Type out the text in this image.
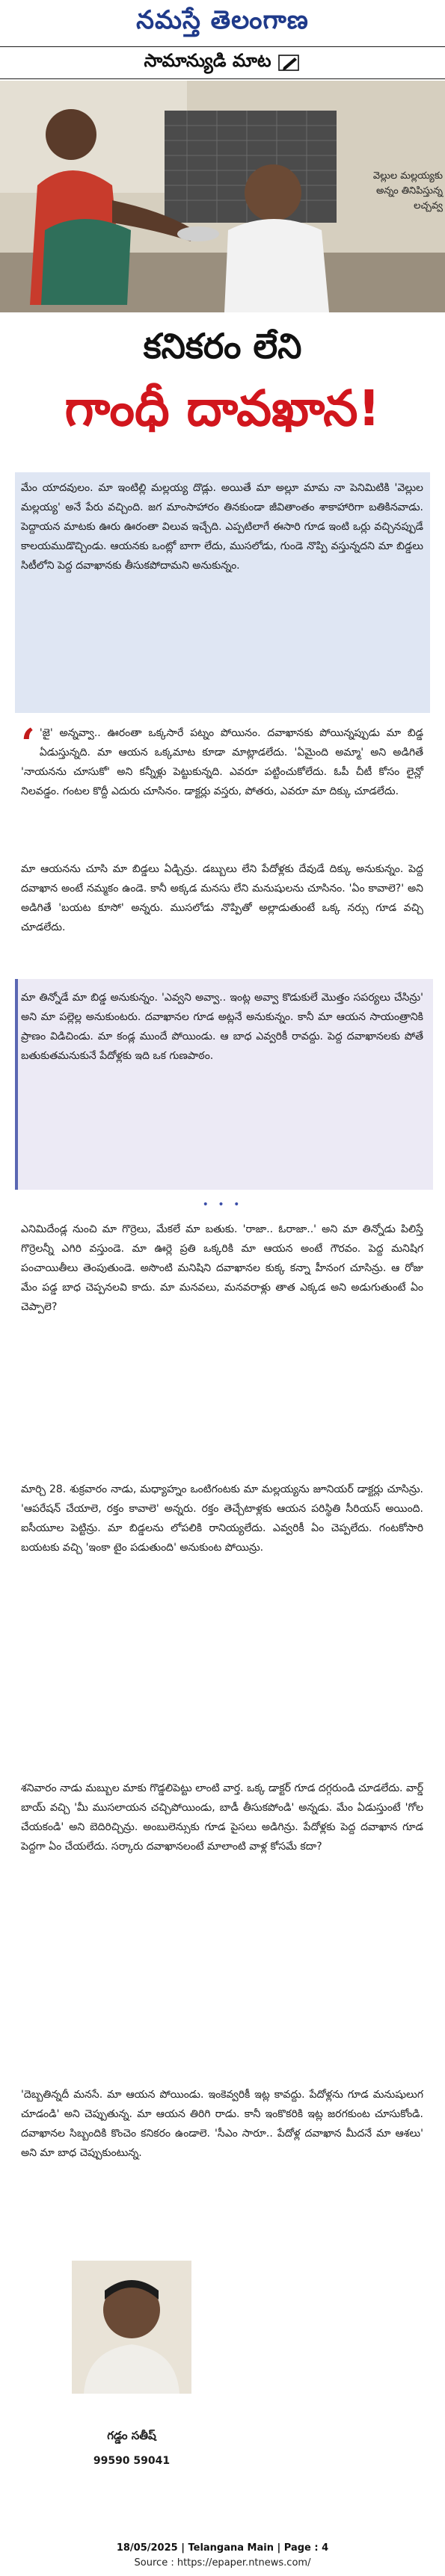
నమస్తే తెలంగాణ
సామాన్యుడి మాట
వెల్లుల మల్లయ్యకు
అన్నం తినిపిస్తున్న
లచ్చవ్వ
కనికరం లేని
గాంధీ దావఖాన!

మేం యాదవులం. మా ఇంటిల్లి మల్లయ్య దొడ్లు. అయితే మా అల్లూ మామ నా పెనిమిటికి 'వెల్లుల మల్లయ్య' అనే పేరు వచ్చింది. జగ మాంసాహారం తినకుండా జీవితాంతం శాకాహారిగా బతికినవాడు. పెద్దాయన మాటకు ఊరు ఊరంతా విలువ ఇచ్చేది. ఎప్పటిలాగే ఈసారి గూడ ఇంటి ఒర్లు వచ్చినప్పుడే కాలయముడొచ్చిండు. ఆయనకు ఒంట్లో బాగా లేదు, ముసలోడు, గుండె నొప్పి వస్తున్నదని మా బిడ్డలు సిటీలోని పెద్ద దవాఖానకు తీసుకపోదామని అనుకున్నం.

‘ 'జై' అన్నవ్వా.. ఊరంతా ఒక్కసారే పట్నం పోయినం. దవాఖానకు పోయిన్నప్పుడు మా బిడ్డ ఏడుస్తున్నది. మా ఆయన ఒక్కమాట కూడా మాట్లాడలేదు. 'ఏమైంది అమ్మా' అని అడిగితే 'నాయనను చూసుకో' అని కన్నీళ్లు పెట్టుకున్నది. ఎవరూ పట్టించుకోలేదు. ఓపీ చీటీ కోసం లైన్లో నిలవడ్డం. గంటల కొద్దీ ఎదురు చూసినం. డాక్టర్లు వస్తరు, పోతరు, ఎవరూ మా దిక్కు చూడలేదు.

మా ఆయనను చూసి మా బిడ్డలు ఏడ్చిన్రు. డబ్బులు లేని పేదోళ్లకు దేవుడే దిక్కు అనుకున్నం. పెద్ద దవాఖాన అంటే నమ్మకం ఉండె. కానీ అక్కడ మనసు లేని మనుషులను చూసినం. 'ఏం కావాలె?' అని అడిగితే 'బయట కూసో' అన్నరు. ముసలోడు నొప్పితో అల్లాడుతుంటే ఒక్క నర్సు గూడ వచ్చి చూడలేదు.

మా తిన్నోడే మా బిడ్డ అనుకున్నం. 'ఎవ్వని అవ్వా.. ఇంట్ల అవ్వా కొడుకులే మొత్తం సపర్యలు చేసిన్రు' అని మా పల్లెల్ల అనుకుంటరు. దవాఖానల గూడ అట్లనే అనుకున్నం. కానీ మా ఆయన సాయంత్రానికి ప్రాణం విడిచిండు. మా కండ్ల ముందే పోయిండు. ఆ బాధ ఎవ్వరికీ రావద్దు. పెద్ద దవాఖానలకు పోతే బతుకుతమనుకునే పేదోళ్లకు ఇది ఒక గుణపాఠం.

• • •

ఎనిమిదేండ్ల నుంచి మా గొర్రెలు, మేకలే మా బతుకు. 'రాజా.. ఓరాజా..' అని మా తిన్నోడు పిలిస్తే గొర్రెలన్నీ ఎగిరి వస్తుండె. మా ఊర్లె ప్రతి ఒక్కరికి మా ఆయన అంటే గౌరవం. పెద్ద మనిషిగ పంచాయితీలు తెంపుతుండె. అసొంటి మనిషిని దవాఖానల కుక్క కన్నా హీనంగ చూసిన్రు. ఆ రోజు మేం పడ్డ బాధ చెప్పనలవి కాదు. మా మనవలు, మనవరాళ్లు తాత ఎక్కడ అని అడుగుతుంటే ఏం చెప్పాలె?

మార్చి 28. శుక్రవారం నాడు, మధ్యాహ్నం ఒంటిగంటకు మా మల్లయ్యను జూనియర్ డాక్టర్లు చూసిన్రు. 'ఆపరేషన్ చేయాలె, రక్తం కావాలె' అన్నరు. రక్తం తెచ్చేటాళ్లకు ఆయన పరిస్థితి సీరియస్ అయింది. ఐసీయూల పెట్టిన్రు. మా బిడ్డలను లోపలికి రానియ్యలేదు. ఎవ్వరికీ ఏం చెప్పలేదు. గంటకోసారి బయటకు వచ్చి 'ఇంకా టైం పడుతుంది' అనుకుంట పోయిన్రు.

శనివారం నాడు మబ్బుల మాకు గొడ్డలిపెట్టు లాంటి వార్త. ఒక్క డాక్టర్ గూడ దగ్గరుండి చూడలేదు. వార్డ్ బాయ్ వచ్చి 'మీ ముసలాయన చచ్చిపోయిండు, బాడీ తీసుకపోండి' అన్నడు. మేం ఏడుస్తుంటే 'గోల చేయకండి' అని బెదిరిచ్చిన్రు. అంబులెన్సుకు గూడ పైసలు అడిగిన్రు. పేదోళ్లకు పెద్ద దవాఖాన గూడ పెద్దగా ఏం చేయలేదు. సర్కారు దవాఖానలంటే మాలాంటి వాళ్ల కోసమే కదా?

'దెబ్బతిన్నదీ మనసే. మా ఆయన పోయిండు. ఇంకెవ్వరికీ ఇట్ల కావద్దు. పేదోళ్లను గూడ మనుషులుగ చూడండి' అని చెప్పుతున్న. మా ఆయన తిరిగి రాడు. కానీ ఇంకొకరికి ఇట్ల జరగకుంట చూసుకోండి. దవాఖానల సిబ్బందికి కొంచెం కనికరం ఉండాలె. 'సీఎం సారూ.. పేదోళ్ల దవాఖాన మీదనే మా ఆశలు' అని మా బాధ చెప్పుకుంటున్న.

గడ్డం సతీష్
99590 59041
18/05/2025 | Telangana Main | Page : 4
Source : https://epaper.ntnews.com/
